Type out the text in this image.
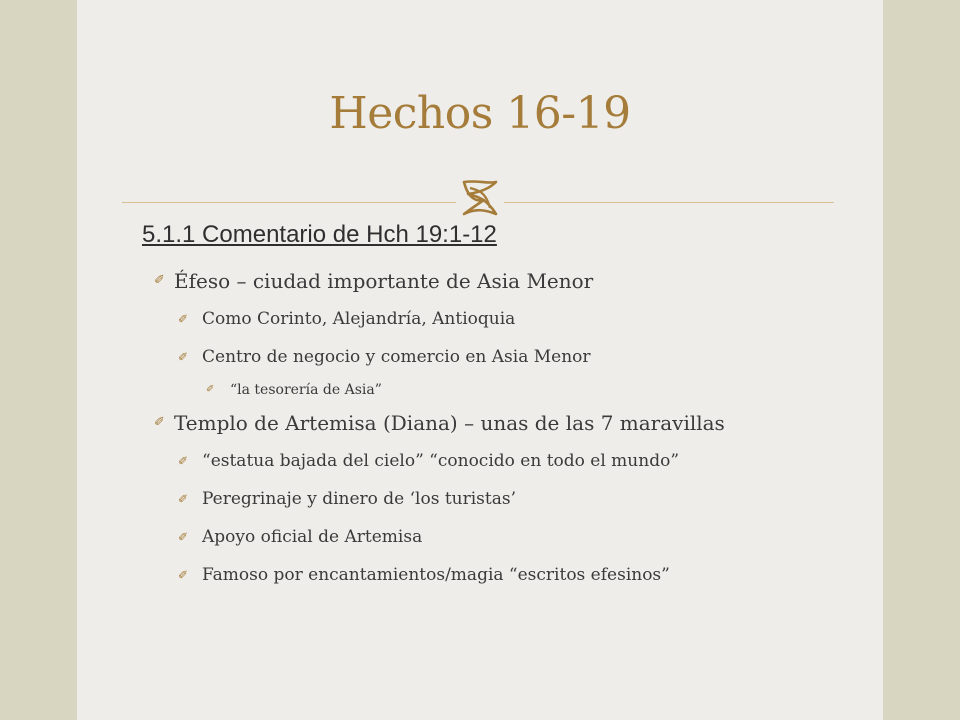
Hechos 16-19

5.1.1 Comentario de Hch 19:1-12

✐ Éfeso – ciudad importante de Asia Menor
✐ Como Corinto, Alejandría, Antioquia
✐ Centro de negocio y comercio en Asia Menor
✐ “la tesorería de Asia”
✐ Templo de Artemisa (Diana) – unas de las 7 maravillas
✐ “estatua bajada del cielo” “conocido en todo el mundo”
✐ Peregrinaje y dinero de ‘los turistas’
✐ Apoyo oficial de Artemisa
✐ Famoso por encantamientos/magia “escritos efesinos”
